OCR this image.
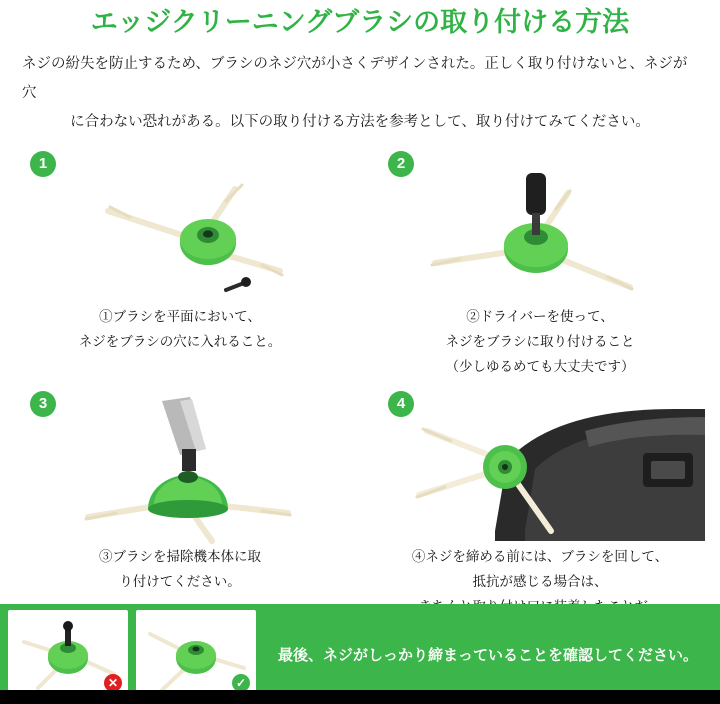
エッジクリーニングブラシの取り付ける方法
ネジの紛失を防止するため、ブラシのネジ穴が小さくデザインされた。正しく取り付けないと、ネジが穴
に合わない恐れがある。以下の取り付ける方法を参考として、取り付けてみてください。
1
①ブラシを平面において、
ネジをブラシの穴に入れること。
2
②ドライバーを使って、
ネジをブラシに取り付けること
（少しゆるめても大丈夫です）
3
③ブラシを掃除機本体に取
り付けてください。
4
④ネジを締める前には、ブラシを回して、
抵抗が感じる場合は、
✕	✓
最後、ネジがしっかり締まっていることを確認してください。
